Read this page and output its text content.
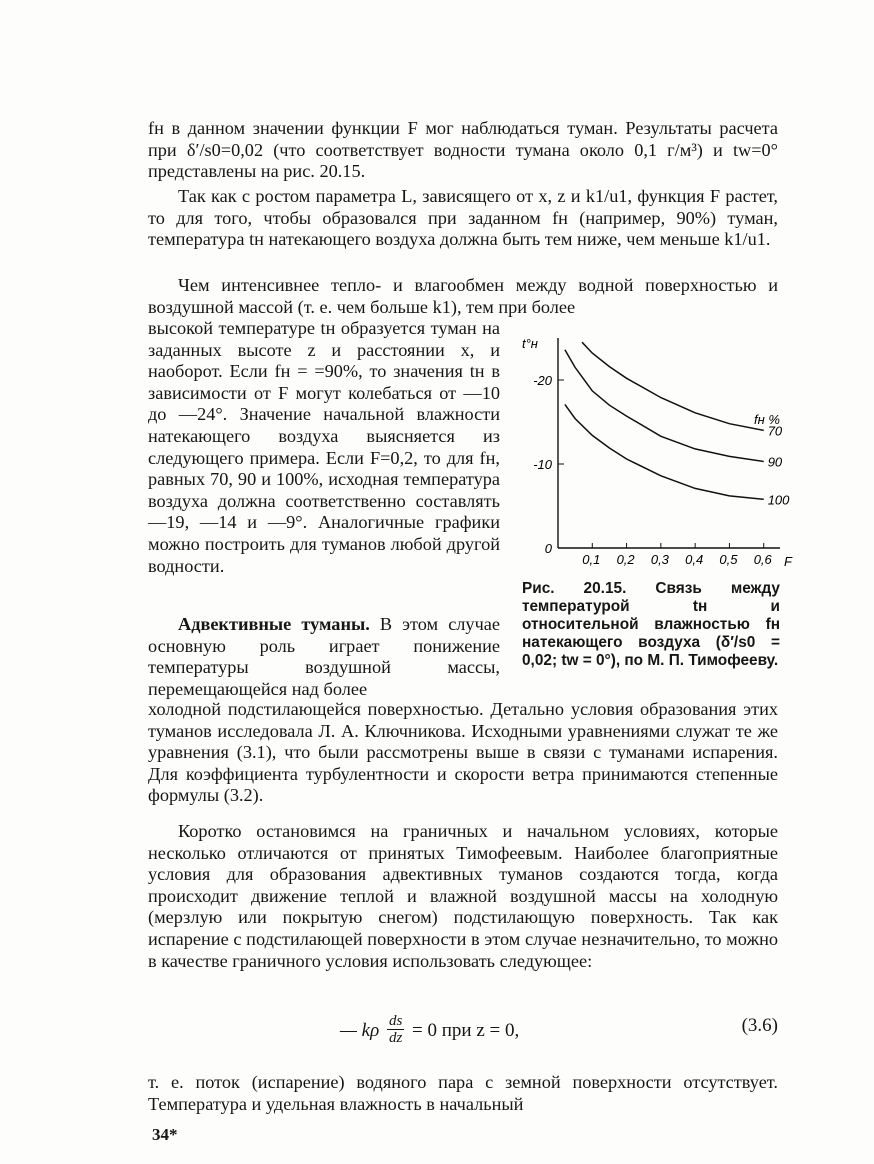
fн в данном значении функции F мог наблюдаться туман. Результаты расчета при δ′/s0=0,02 (что соответствует водности тумана около 0,1 г/м³) и tw=0° представлены на рис. 20.15.

Так как с ростом параметра L, зависящего от x, z и k1/u1, функция F растет, то для того, чтобы образовался при заданном fн (например, 90%) туман, температура tн натекающего воздуха должна быть тем ниже, чем меньше k1/u1.

Чем интенсивнее тепло- и влагообмен между водной поверхностью и воздушной массой (т. е. чем больше k1), тем при более

высокой температуре tн образуется туман на заданных высоте z и расстоянии x, и наоборот. Если fн = =90%, то значения tн в зависимости от F могут колебаться от —10 до —24°. Значение начальной влажности натекающего воздуха выясняется из следующего примера. Если F=0,2, то для fн, равных 70, 90 и 100%, исходная температура воздуха должна соответственно составлять —19, —14 и —9°. Аналогичные графики можно построить для туманов любой другой водности.

Адвективные туманы. В этом случае основную роль играет понижение температуры воздушной массы, перемещающейся над более

холодной подстилающейся поверхностью. Детально условия образования этих туманов исследовала Л. А. Ключникова. Исходными уравнениями служат те же уравнения (3.1), что были рассмотрены выше в связи с туманами испарения. Для коэффициента турбулентности и скорости ветра принимаются степенные формулы (3.2).

Коротко остановимся на граничных и начальном условиях, которые несколько отличаются от принятых Тимофеевым. Наиболее благоприятные условия для образования адвективных туманов создаются тогда, когда происходит движение теплой и влажной воздушной массы на холодную (мерзлую или покрытую снегом) подстилающую поверхность. Так как испарение с подстилающей поверхности в этом случае незначительно, то можно в качестве граничного условия использовать следующее:

— kρ $\frac{ds}{dz} = 0$ при z = 0,	(3.6)

т. е. поток (испарение) водяного пара с земной поверхности отсутствует. Температура и удельная влажность в начальный

34*
t°н
F
fн %
70
90
100
0,1 0,2 0,3 0,4 0,5 0,6
0
-10
-20

Рис. 20.15. Связь между температурой tн и относительной влажностью fн натекающего воздуха (δ′/s0 = 0,02; tw = 0°), по М. П. Тимофееву.
